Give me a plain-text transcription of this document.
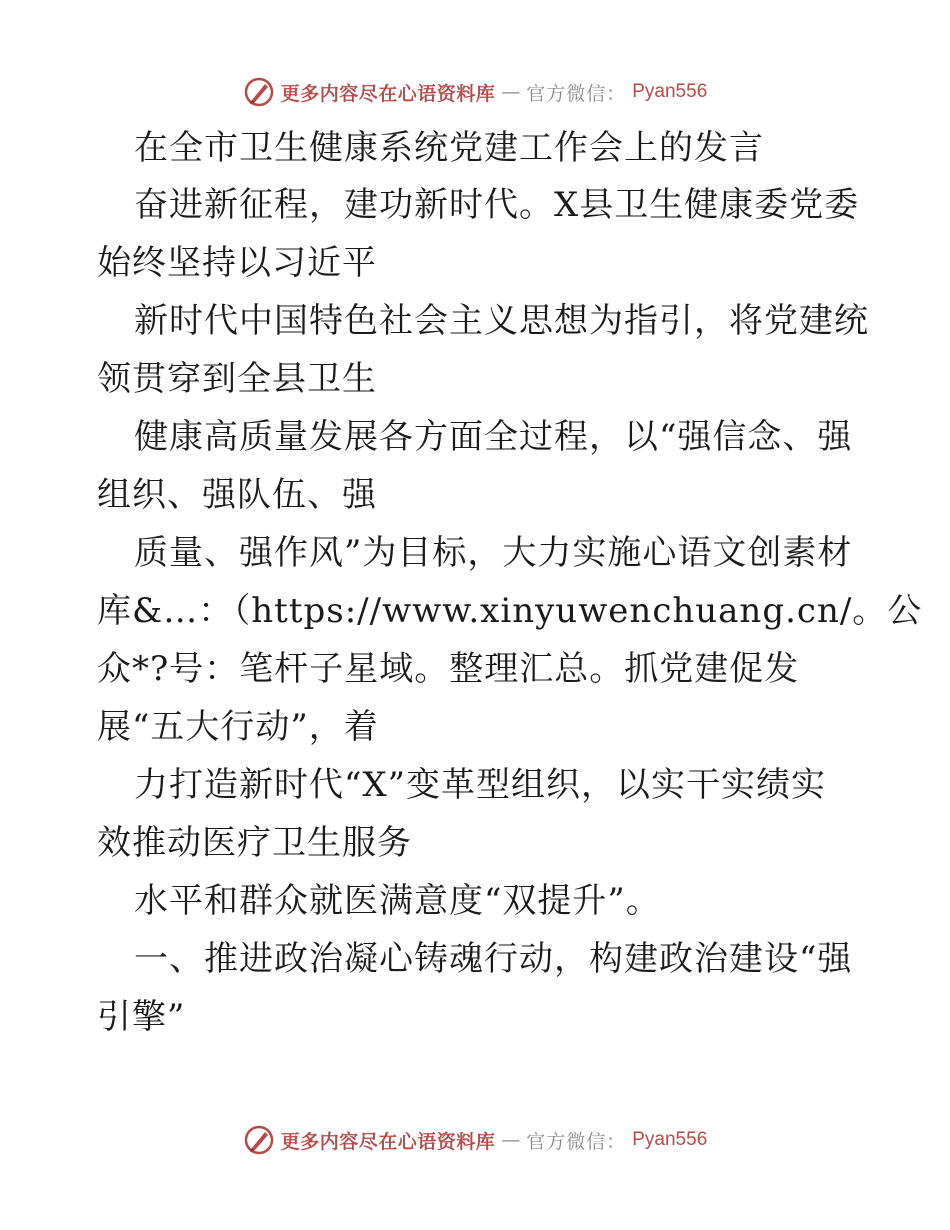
更多内容尽在心语资料库 — 官方微信： Pyan556
在全市卫生健康系统党建工作会上的发言
奋进新征程，建功新时代。X县卫生健康委党委
始终坚持以习近平
新时代中国特色社会主义思想为指引，将党建统
领贯穿到全县卫生
健康高质量发展各方面全过程，以“强信念、强
组织、强队伍、强
质量、强作风”为目标，大力实施心语文创素材
库&…：（https://www.xinyuwenchuang.cn/。公
众*?号：笔杆子星域。整理汇总。抓党建促发
展“五大行动”，着
力打造新时代“X”变革型组织，以实干实绩实
效推动医疗卫生服务
水平和群众就医满意度“双提升”。
一、推进政治凝心铸魂行动，构建政治建设“强
引擎”
更多内容尽在心语资料库 — 官方微信： Pyan556
